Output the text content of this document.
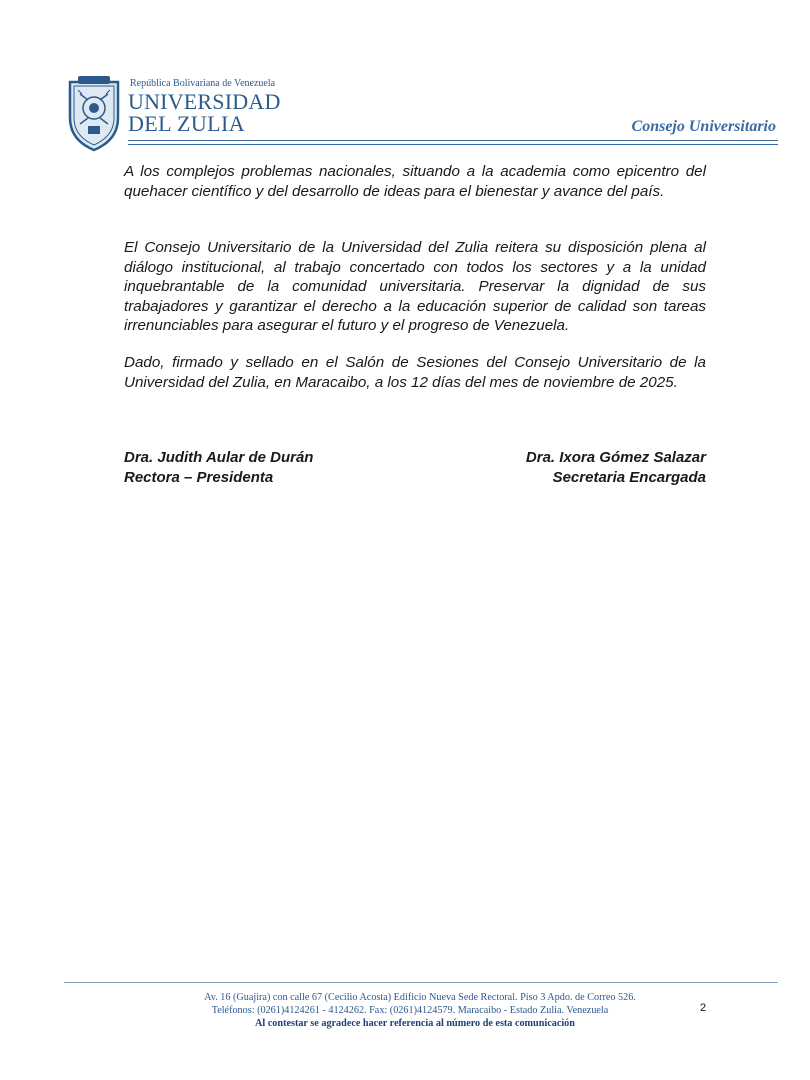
República Bolivariana de Venezuela
UNIVERSIDAD
DEL ZULIA	Consejo Universitario

A los complejos problemas nacionales, situando a la academia como epicentro del quehacer científico y del desarrollo de ideas para el bienestar y avance del país.

El Consejo Universitario de la Universidad del Zulia reitera su disposición plena al diálogo institucional, al trabajo concertado con todos los sectores y a la unidad inquebrantable de la comunidad universitaria. Preservar la dignidad de sus trabajadores y garantizar el derecho a la educación superior de calidad son tareas irrenunciables para asegurar el futuro y el progreso de Venezuela.

Dado, firmado y sellado en el Salón de Sesiones del Consejo Universitario de la Universidad del Zulia, en Maracaibo, a los 12 días del mes de noviembre de 2025.

Dra. Judith Aular de Durán
Rectora – Presidenta
Dra. Ixora Gómez Salazar
Secretaria Encargada
Av. 16 (Guajira) con calle 67 (Cecilio Acosta) Edificio Nueva Sede Rectoral. Piso 3 Apdo. de Correo 526.
Teléfonos: (0261)4124261 - 4124262. Fax: (0261)4124579. Maracaibo - Estado Zulia. Venezuela
Al contestar se agradece hacer referencia al número de esta comunicación
2
